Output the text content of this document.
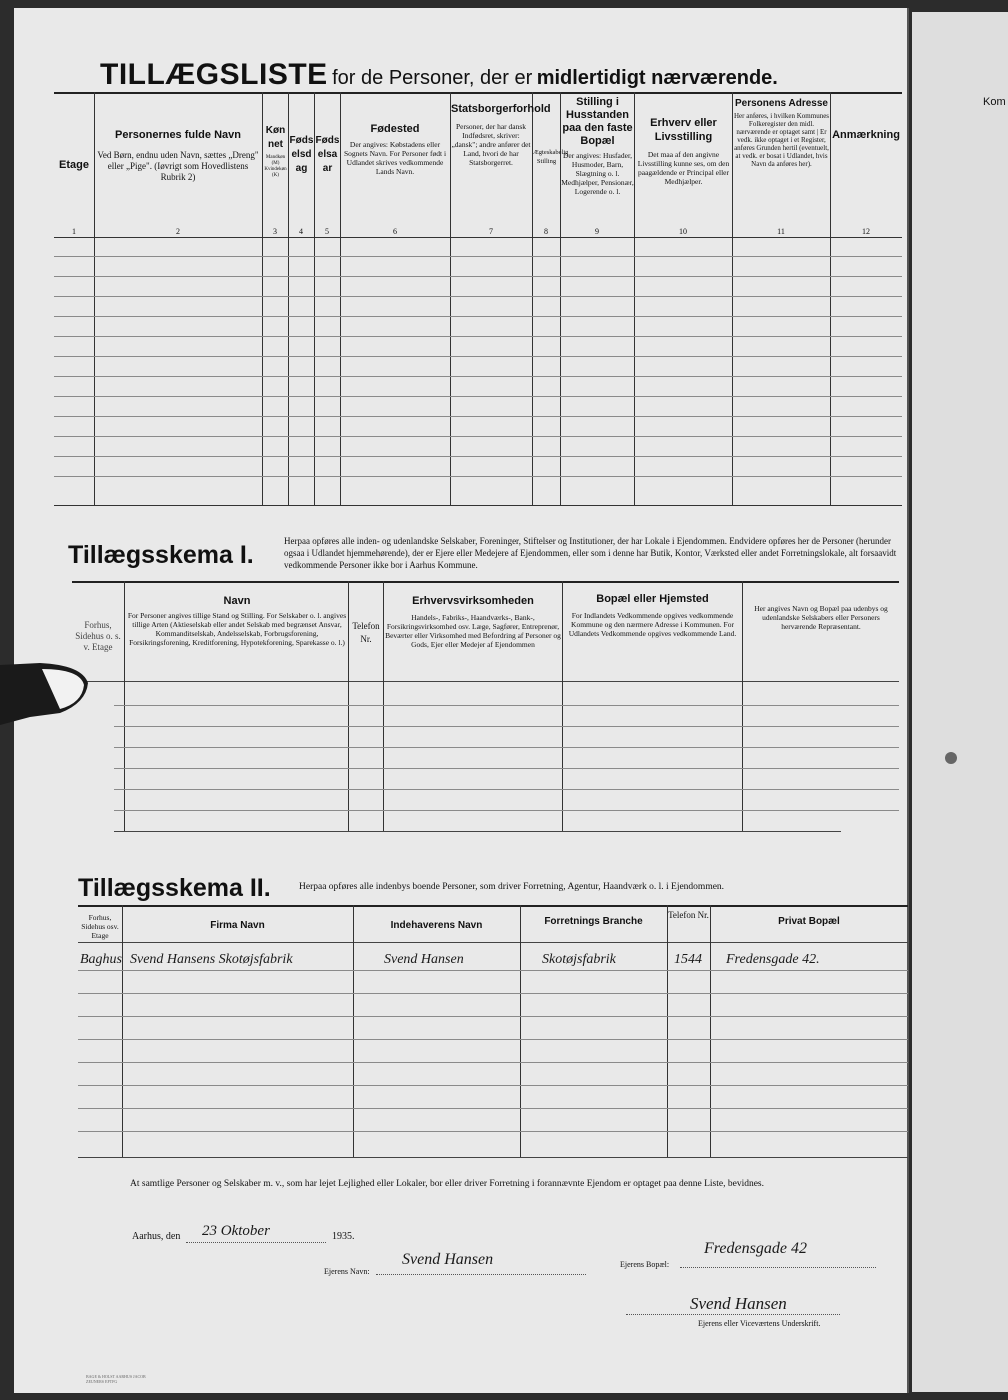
TILLÆGSLISTE for de Personer, der er midlertidigt nærværende.
Etage
Personernes fulde Navn
Ved Børn, endnu uden Navn, sættes „Dreng" eller „Pige". (Iøvrigt som Hovedlistens Rubrik 2)
Kønnet
Mandkøn (M) Kvindekøn (K)
Fødselsdag
Fødselsaar
Fødested
Der angives: Købstadens eller Sognets Navn. For Personer født i Udlandet skrives vedkommende Lands Navn.
Statsborgerforhold
Personer, der har dansk Indfødsret, skriver: „dansk"; andre anfører det Land, hvori de har Statsborgerret.
Ægteskabelig Stilling
Stilling i Husstanden paa den faste Bopæl
Der angives: Husfader, Husmoder, Barn, Slægtning o. l. Medhjælper, Pensionær, Logerende o. l.
Erhverv eller Livsstilling
Det maa af den angivne Livsstilling kunne ses, om den paagældende er Principal eller Medhjælper.
Personens Adresse
Her anføres, i hvilken Kommunes Folkeregister den midl. nærværende er optaget samt | Er vedk. ikke optaget i et Register, anføres Grunden hertil (eventuelt, at vedk. er bosat i Udlandet, hvis Navn da anføres her).
Anmærkning
1	2	3	4	5	6	7	8	9	10	11	12
Tillægsskema I.	Herpaa opføres alle inden- og udenlandske Selskaber, Foreninger, Stiftelser og Institutioner, der har Lokale i Ejendommen. Endvidere opføres her de Personer (herunder ogsaa i Udlandet hjemmehørende), der er Ejere eller Medejere af Ejendommen, eller som i denne har Butik, Kontor, Værksted eller andet Forretningslokale, alt forsaavidt vedkommende Personer ikke bor i Aarhus Kommune.
Forhus, Sidehus o. s. v. Etage
Navn
For Personer angives tillige Stand og Stilling. For Selskaber o. l. angives tillige Arten (Aktieselskab eller andet Selskab med begrænset Ansvar, Kommanditselskab, Andelsselskab, Forbrugsforening, Forsikringsforening, Kreditforening, Hypotekforening, Sparekasse o. l.)
Telefon Nr.
Erhvervsvirksomheden
Handels-, Fabriks-, Haandværks-, Bank-, Forsikringsvirksomhed osv. Læge, Sagfører, Entreprenør, Beværter eller Virksomhed med Befordring af Personer og Gods, Ejer eller Medejer af Ejendommen
Bopæl eller Hjemsted
For Indlandets Vedkommende opgives vedkommende Kommune og den nærmere Adresse i Kommunen. For Udlandets Vedkommende opgives vedkommende Land.
Her angives Navn og Bopæl paa udenbys og udenlandske Selskabers eller Personers herværende Repræsentant.
Tillægsskema II.	Herpaa opføres alle indenbys boende Personer, som driver Forretning, Agentur, Haandværk o. l. i Ejendommen.
Forhus, Sidehus osv. Etage
Firma Navn	Indehaverens Navn	Forretnings Branche
Telefon Nr.
Privat Bopæl
Baghus Svend Hansens Skotøjsfabrik	Svend Hansen	Skotøjsfabrik	1544 Fredensgade 42.
At samtlige Personer og Selskaber m. v., som har lejet Lejlighed eller Lokaler, bor eller driver Forretning i forannævnte Ejendom er optaget paa denne Liste, bevidnes.
Aarhus, den 23 Oktober	1935.
Ejerens Navn:
Svend Hansen	Ejerens Bopæl:
Fredensgade 42
Svend Hansen
Ejerens eller Viceværtens Underskrift.
BAGE & HOLST AARHUS JACOB ZEUNERS EFTFG
Kom
